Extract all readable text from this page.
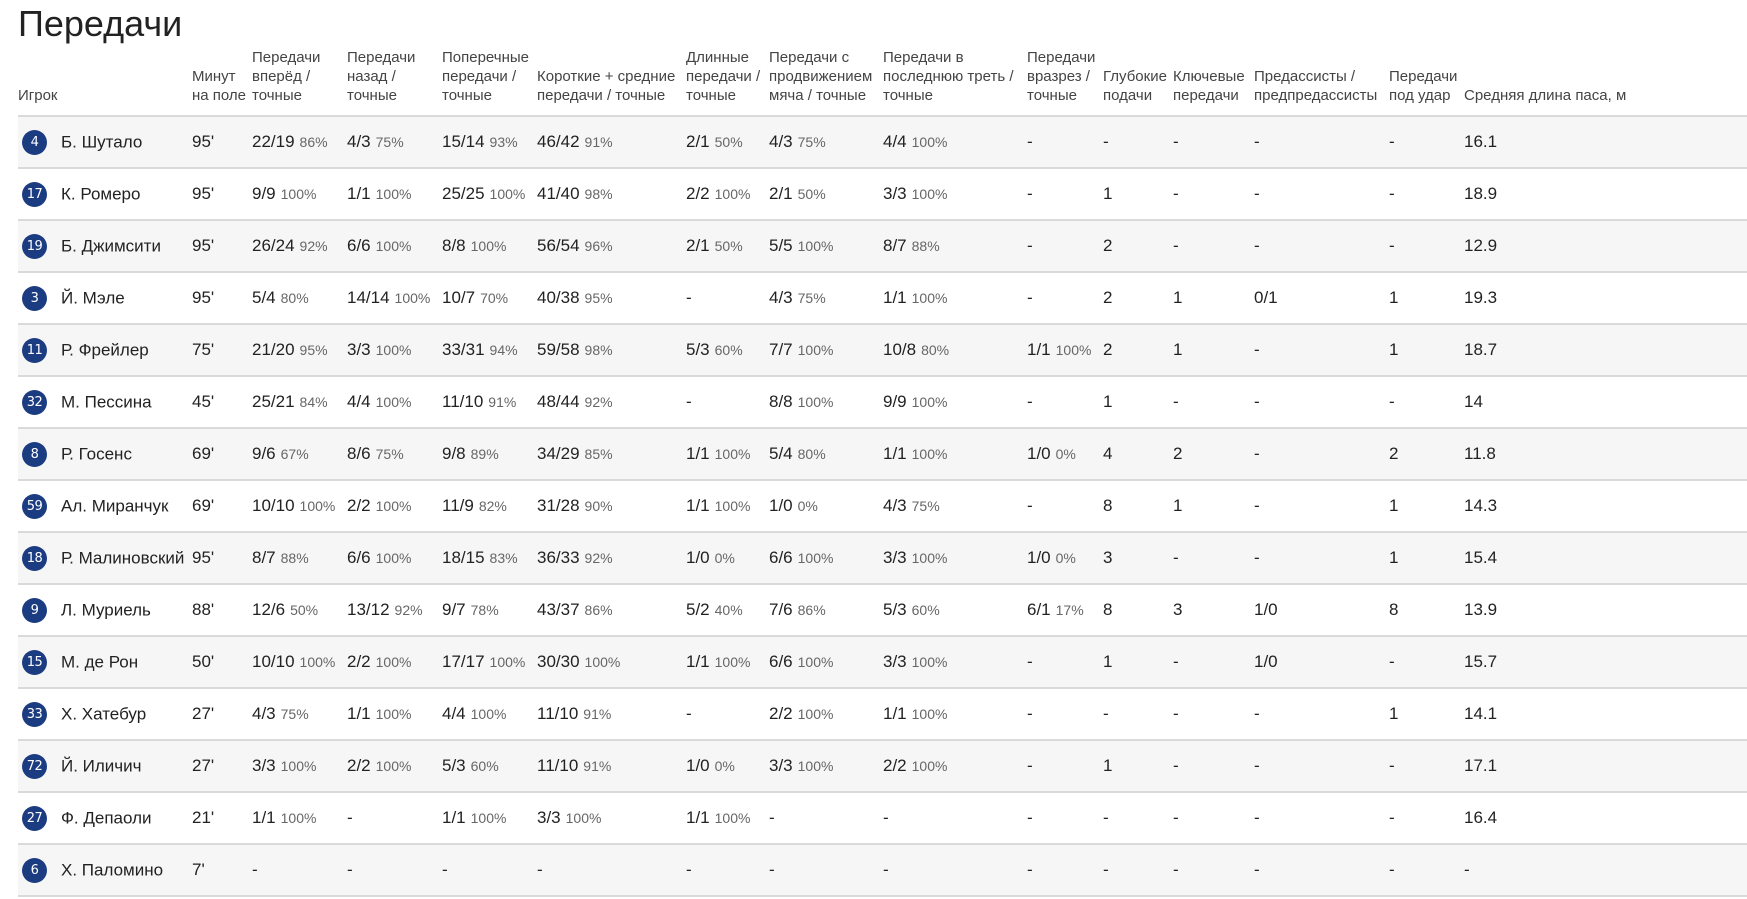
Передачи
Игрок	Минут на поле	Передачи вперёд / точные	Передачи назад / точные	Поперечные передачи / точные	Короткие + средние передачи / точные	Длинные передачи / точные	Передачи с продвижением мяча / точные	Передачи в последнюю треть / точные	Передачи вразрез / точные	Глубокие подачи	Ключевые передачи	Предассисты / предпредассисты	Передачи под удар	Средняя длина паса, м
4 Б. Шутало	95'	22/19 86%	4/3 75%	15/14 93%	46/42 91%	2/1 50%	4/3 75%	4/4 100%	-	-	-	-	-	16.1
17 К. Ромеро	95'	9/9 100%	1/1 100%	25/25 100%	41/40 98%	2/2 100%	2/1 50%	3/3 100%	-	1	-	-	-	18.9
19 Б. Джимсити	95'	26/24 92%	6/6 100%	8/8 100%	56/54 96%	2/1 50%	5/5 100%	8/7 88%	-	2	-	-	-	12.9
3 Й. Мэле	95'	5/4 80%	14/14 100%	10/7 70%	40/38 95%	-	4/3 75%	1/1 100%	-	2	1	0/1	1	19.3
11 Р. Фрейлер	75'	21/20 95%	3/3 100%	33/31 94%	59/58 98%	5/3 60%	7/7 100%	10/8 80%	1/1 100%	2	1	-	1	18.7
32 М. Пессина	45'	25/21 84%	4/4 100%	11/10 91%	48/44 92%	-	8/8 100%	9/9 100%	-	1	-	-	-	14
8 Р. Госенс	69'	9/6 67%	8/6 75%	9/8 89%	34/29 85%	1/1 100%	5/4 80%	1/1 100%	1/0 0%	4	2	-	2	11.8
59 Ал. Миранчук	69'	10/10 100%	2/2 100%	11/9 82%	31/28 90%	1/1 100%	1/0 0%	4/3 75%	-	8	1	-	1	14.3
18 Р. Малиновский	95'	8/7 88%	6/6 100%	18/15 83%	36/33 92%	1/0 0%	6/6 100%	3/3 100%	1/0 0%	3	-	-	1	15.4
9 Л. Муриель	88'	12/6 50%	13/12 92%	9/7 78%	43/37 86%	5/2 40%	7/6 86%	5/3 60%	6/1 17%	8	3	1/0	8	13.9
15 М. де Рон	50'	10/10 100%	2/2 100%	17/17 100%	30/30 100%	1/1 100%	6/6 100%	3/3 100%	-	1	-	1/0	-	15.7
33 Х. Хатебур	27'	4/3 75%	1/1 100%	4/4 100%	11/10 91%	-	2/2 100%	1/1 100%	-	-	-	-	1	14.1
72 Й. Иличич	27'	3/3 100%	2/2 100%	5/3 60%	11/10 91%	1/0 0%	3/3 100%	2/2 100%	-	1	-	-	-	17.1
27 Ф. Депаоли	21'	1/1 100%	-	1/1 100%	3/3 100%	1/1 100%	-	-	-	-	-	-	-	16.4
6 Х. Паломино	7'	-	-	-	-	-	-	-	-	-	-	-	-	-
